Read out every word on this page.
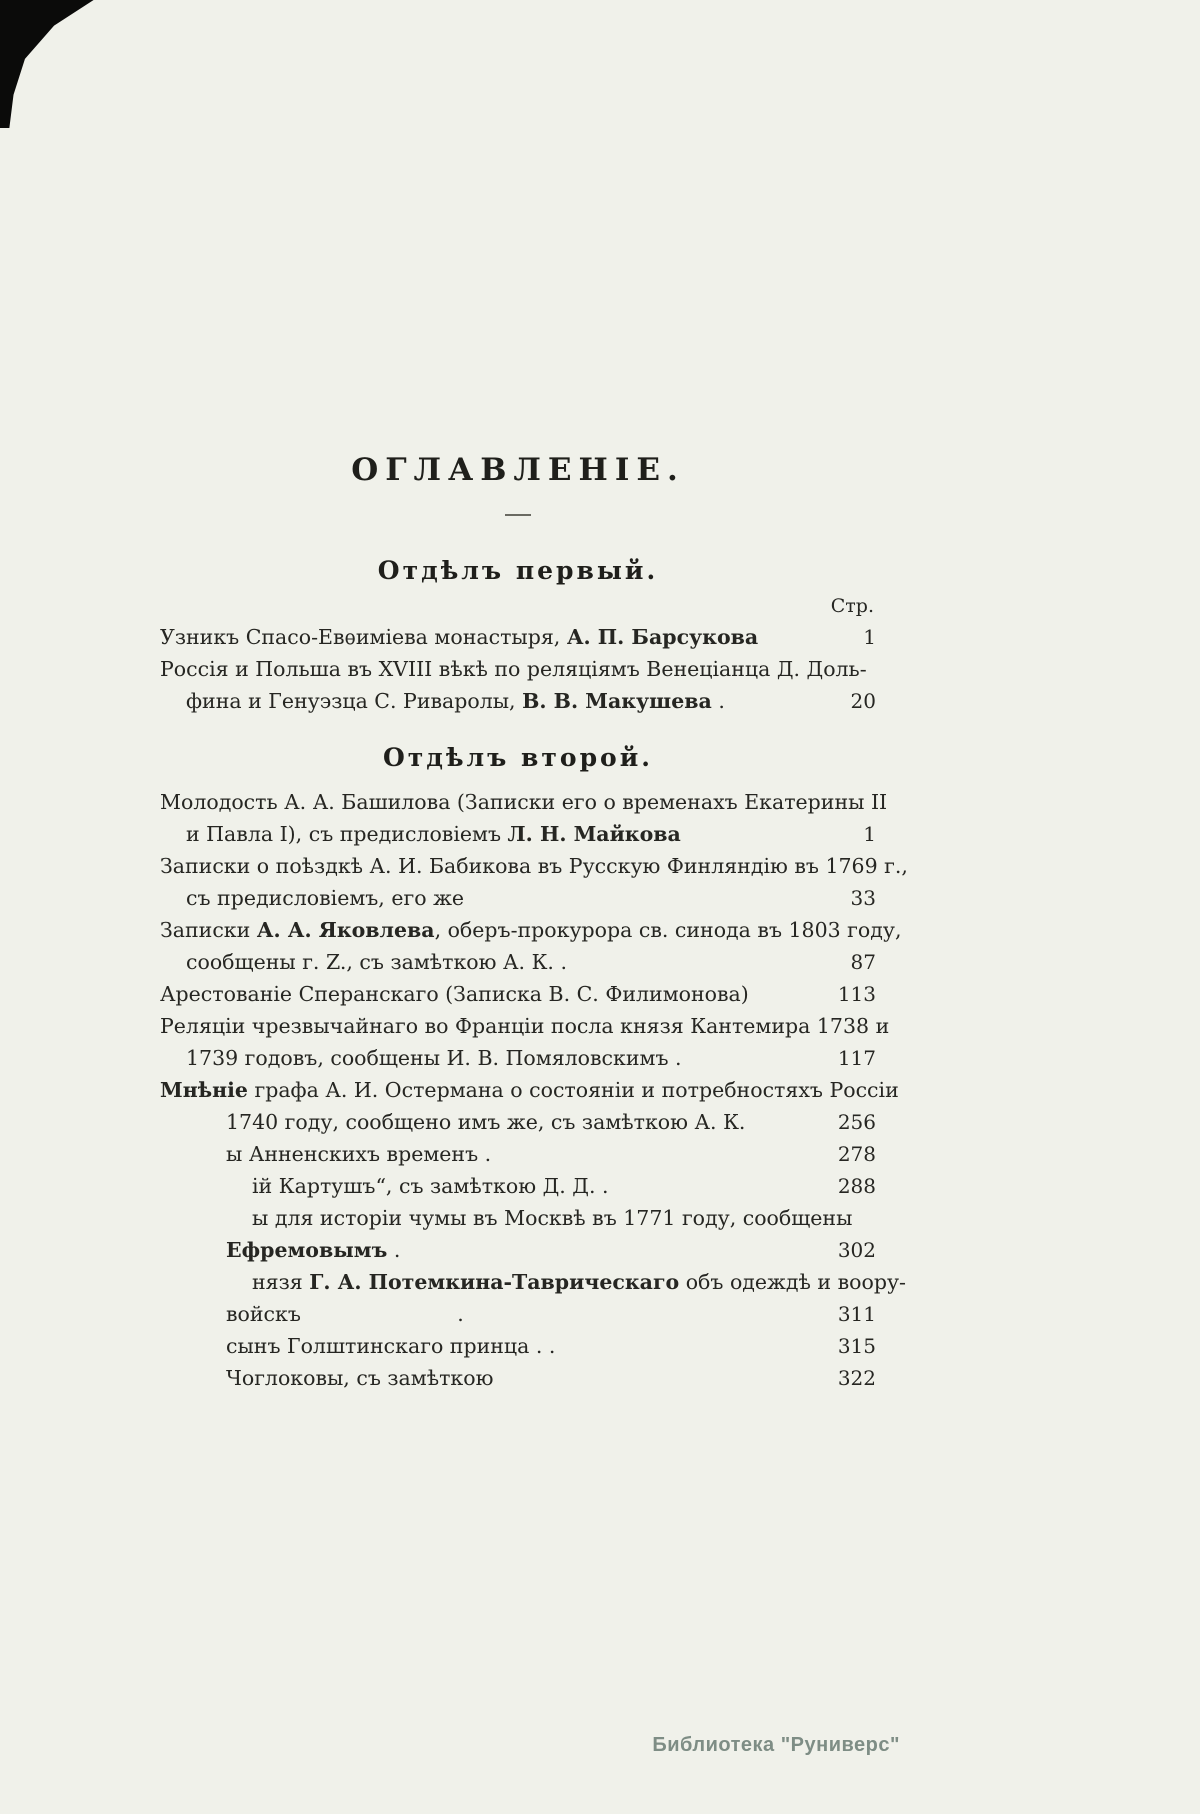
ОГЛАВЛЕНІЕ.
Отдѣлъ первый.
Стр.
Узникъ Спасо-Евѳиміева монастыря, А. П. Барсукова	1
Россія и Польша въ XVIII вѣкѣ по реляціямъ Венеціанца Д. Доль-
фина и Генуэзца С. Риваролы, В. В. Макушева .	20
Отдѣлъ второй.
Молодость А. А. Башилова (Записки его о временахъ Екатерины II
и Павла I), съ предисловіемъ Л. Н. Майкова	1
Записки о поѣздкѣ А. И. Бабикова въ Русскую Финляндію въ 1769 г.,
съ предисловіемъ, его же	33
Записки А. А. Яковлева, оберъ-прокурора св. синода въ 1803 году,
сообщены г. Z., съ замѣткою А. К. .	87
Арестованіе Сперанскаго (Записка В. С. Филимонова)	113
Реляціи чрезвычайнаго во Франціи посла князя Кантемира 1738 и
1739 годовъ, сообщены И. В. Помяловскимъ .	117
Мнѣніе графа А. И. Остермана о состояніи и потребностяхъ Россіи
1740 году, сообщено имъ же, съ замѣткою А. К.	256
ы Анненскихъ временъ .	278
ій Картушъ“, съ замѣткою Д. Д. .	288
ы для исторіи чумы въ Москвѣ въ 1771 году, сообщены
Ефремовымъ .	302
нязя Г. А. Потемкина-Таврическаго объ одеждѣ и воору-
войскъ                        .	311
сынъ Голштинскаго принца . .	315
Чоглоковы, съ замѣткою	322
Библиотека "Руниверс"
